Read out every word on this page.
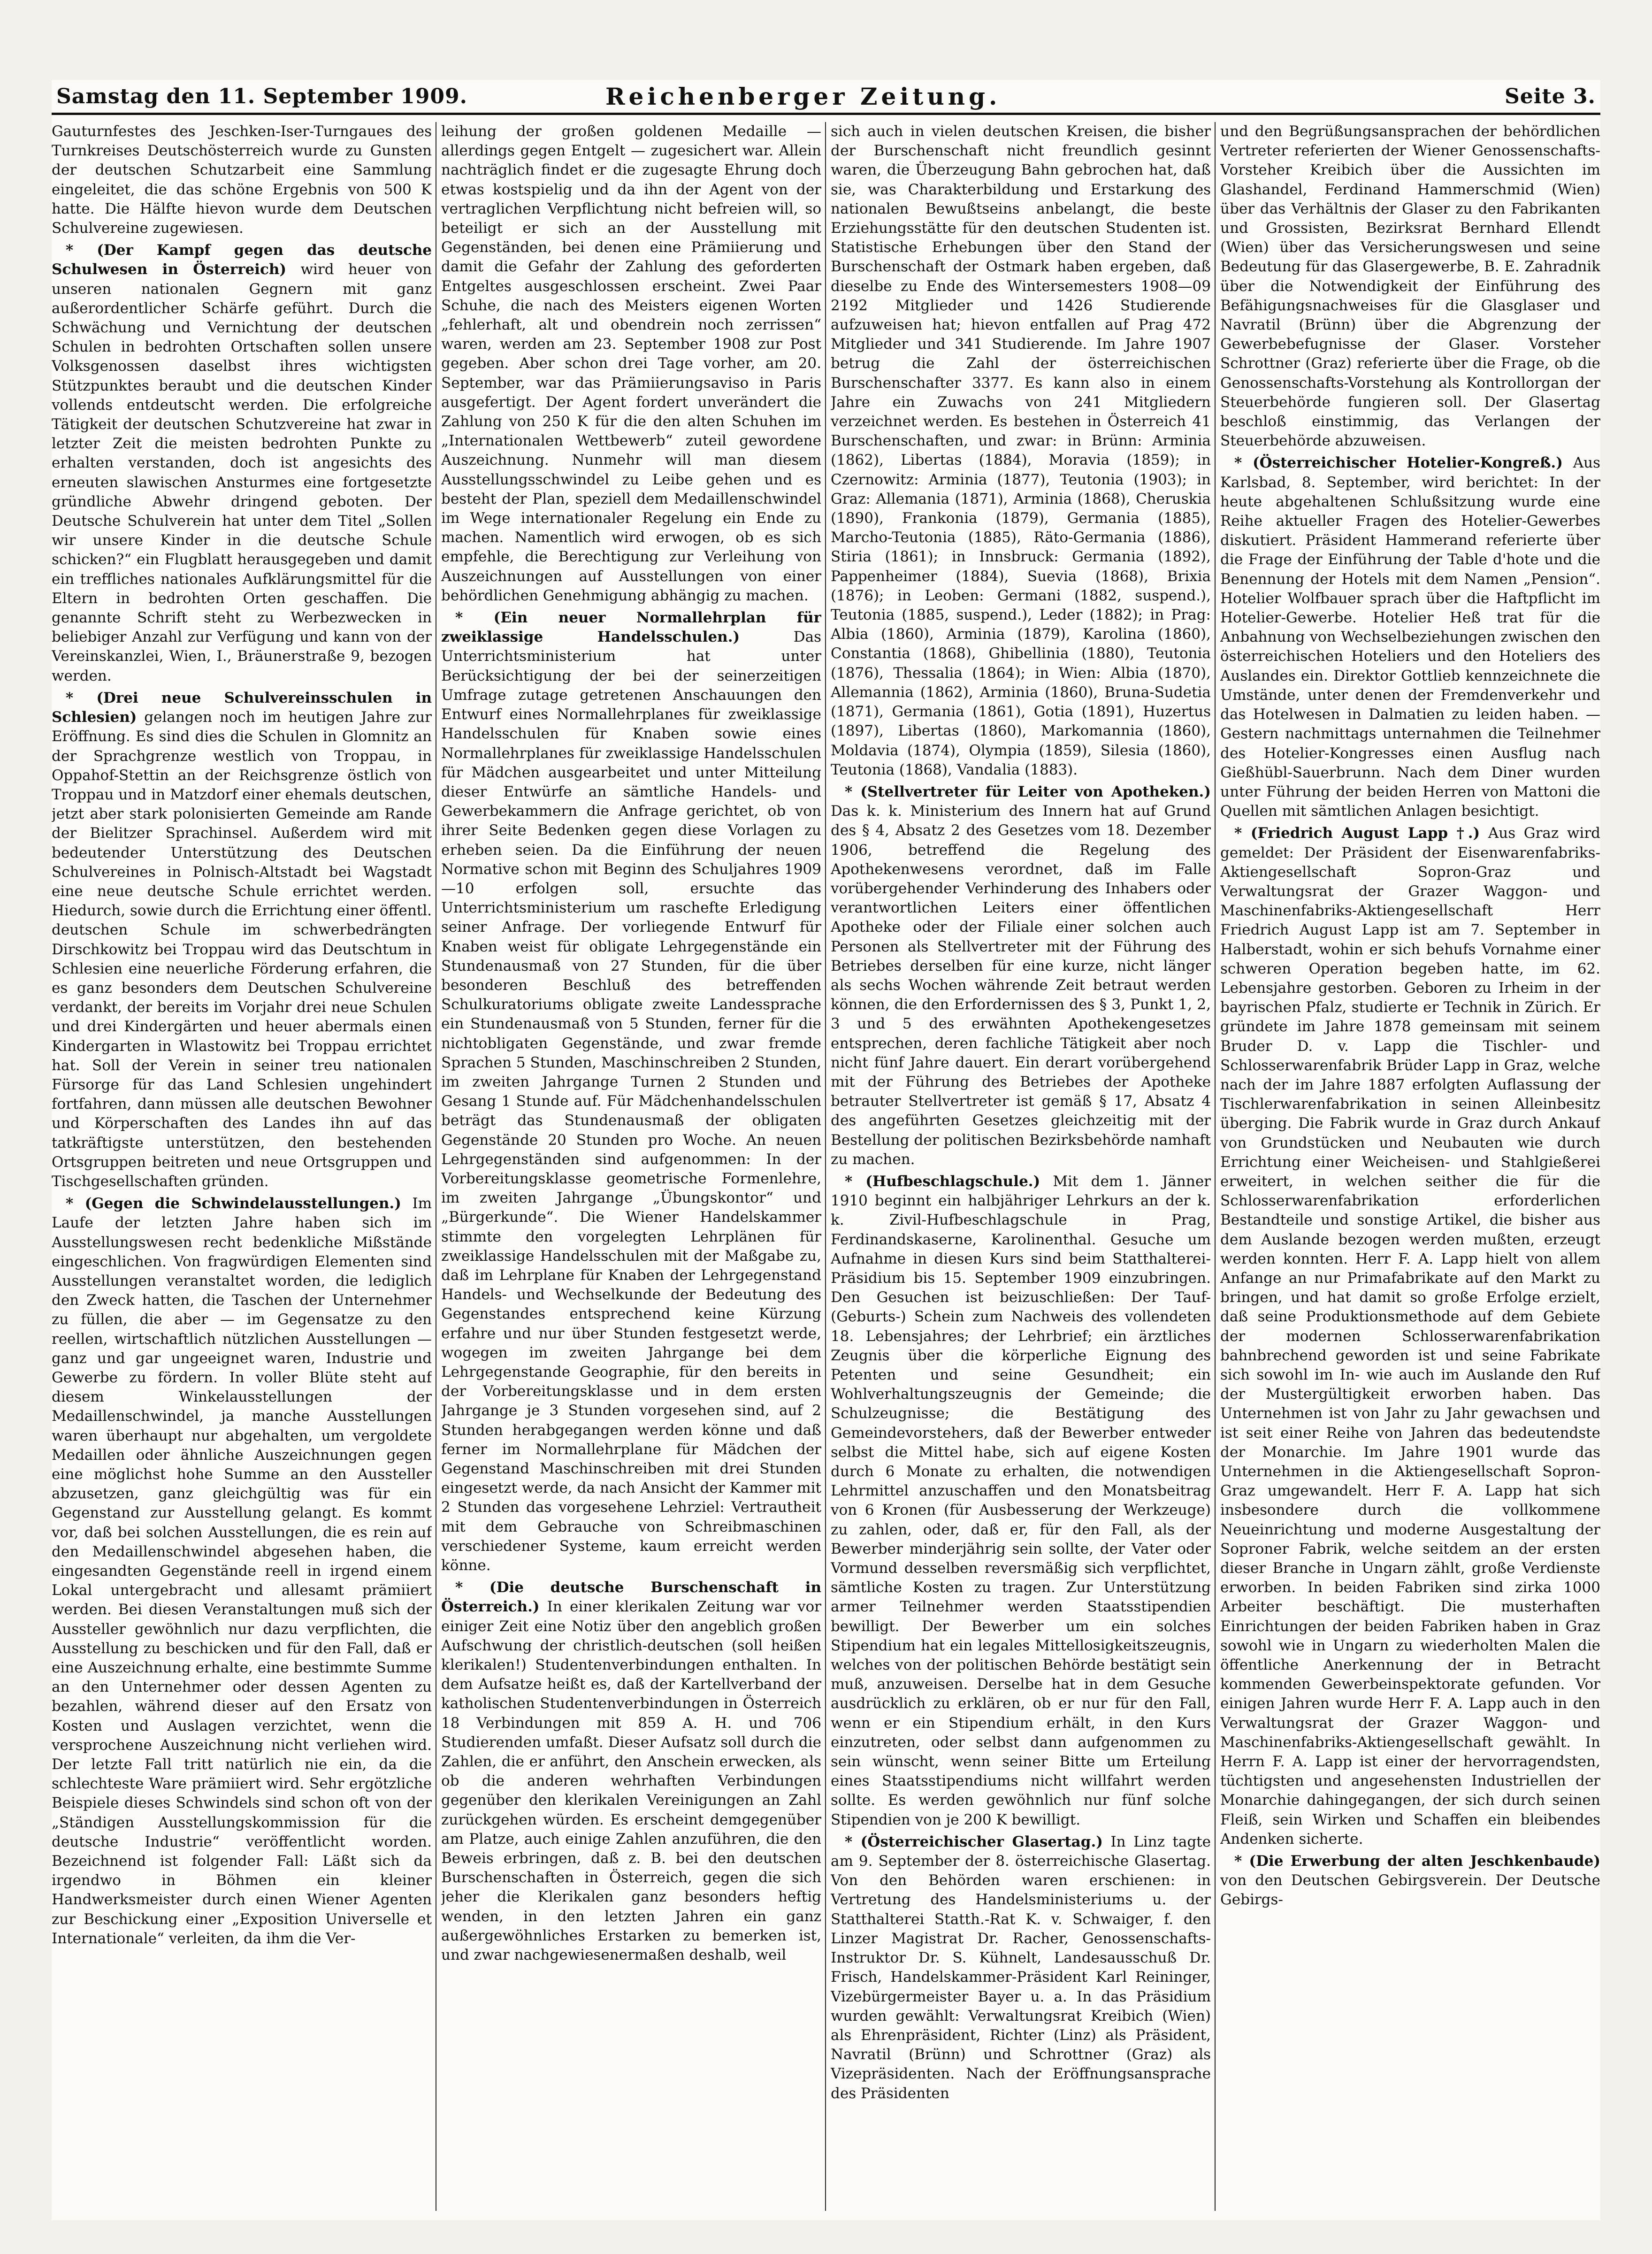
Samstag den 11. September 1909.	Reichenberger Zeitung.	Seite 3.

Gauturnfestes des Jeschken-Iser-Turngaues des Turnkreises Deutschösterreich wurde zu Gunsten der deutschen Schutzarbeit eine Sammlung eingeleitet, die das schöne Ergebnis von 500 K hatte. Die Hälfte hievon wurde dem Deutschen Schulvereine zugewiesen.

* (Der Kampf gegen das deutsche Schulwesen in Österreich) wird heuer von unseren nationalen Gegnern mit ganz außerordentlicher Schärfe geführt. Durch die Schwächung und Vernichtung der deutschen Schulen in bedrohten Ortschaften sollen unsere Volksgenossen daselbst ihres wichtigsten Stützpunktes beraubt und die deutschen Kinder vollends entdeutscht werden. Die erfolgreiche Tätigkeit der deutschen Schutzvereine hat zwar in letzter Zeit die meisten bedrohten Punkte zu erhalten verstanden, doch ist angesichts des erneuten slawischen Ansturmes eine fortgesetzte gründliche Abwehr dringend geboten. Der Deutsche Schulverein hat unter dem Titel „Sollen wir unsere Kinder in die deutsche Schule schicken?“ ein Flugblatt herausgegeben und damit ein treffliches nationales Aufklärungsmittel für die Eltern in bedrohten Orten geschaffen. Die genannte Schrift steht zu Werbezwecken in beliebiger Anzahl zur Verfügung und kann von der Vereinskanzlei, Wien, I., Bräunerstraße 9, bezogen werden.

* (Drei neue Schulvereinsschulen in Schlesien) gelangen noch im heutigen Jahre zur Eröffnung. Es sind dies die Schulen in Glomnitz an der Sprachgrenze westlich von Troppau, in Oppahof-Stettin an der Reichsgrenze östlich von Troppau und in Matzdorf einer ehemals deutschen, jetzt aber stark polonisierten Gemeinde am Rande der Bielitzer Sprachinsel. Außerdem wird mit bedeutender Unterstützung des Deutschen Schulvereines in Polnisch-Altstadt bei Wagstadt eine neue deutsche Schule errichtet werden. Hiedurch, sowie durch die Errichtung einer öffentl. deutschen Schule im schwerbedrängten Dirschkowitz bei Troppau wird das Deutschtum in Schlesien eine neuerliche Förderung erfahren, die es ganz besonders dem Deutschen Schulvereine verdankt, der bereits im Vorjahr drei neue Schulen und drei Kindergärten und heuer abermals einen Kindergarten in Wlastowitz bei Troppau errichtet hat. Soll der Verein in seiner treu nationalen Fürsorge für das Land Schlesien ungehindert fortfahren, dann müssen alle deutschen Bewohner und Körperschaften des Landes ihn auf das tatkräftigste unterstützen, den bestehenden Ortsgruppen beitreten und neue Ortsgruppen und Tischgesellschaften gründen.

* (Gegen die Schwindelausstellungen.) Im Laufe der letzten Jahre haben sich im Ausstellungswesen recht bedenkliche Mißstände eingeschlichen. Von fragwürdigen Elementen sind Ausstellungen veranstaltet worden, die lediglich den Zweck hatten, die Taschen der Unternehmer zu füllen, die aber — im Gegensatze zu den reellen, wirtschaftlich nützlichen Ausstellungen — ganz und gar ungeeignet waren, Industrie und Gewerbe zu fördern. In voller Blüte steht auf diesem Winkelausstellungen der Medaillenschwindel, ja manche Ausstellungen waren überhaupt nur abgehalten, um vergoldete Medaillen oder ähnliche Auszeichnungen gegen eine möglichst hohe Summe an den Aussteller abzusetzen, ganz gleichgültig was für ein Gegenstand zur Ausstellung gelangt. Es kommt vor, daß bei solchen Ausstellungen, die es rein auf den Medaillenschwindel abgesehen haben, die eingesandten Gegenstände reell in irgend einem Lokal untergebracht und allesamt prämiiert werden. Bei diesen Veranstaltungen muß sich der Aussteller gewöhnlich nur dazu verpflichten, die Ausstellung zu beschicken und für den Fall, daß er eine Auszeichnung erhalte, eine bestimmte Summe an den Unternehmer oder dessen Agenten zu bezahlen, während dieser auf den Ersatz von Kosten und Auslagen verzichtet, wenn die versprochene Auszeichnung nicht verliehen wird. Der letzte Fall tritt natürlich nie ein, da die schlechteste Ware prämiiert wird. Sehr ergötzliche Beispiele dieses Schwindels sind schon oft von der „Ständigen Ausstellungskommission für die deutsche Industrie“ veröffentlicht worden. Bezeichnend ist folgender Fall: Läßt sich da irgendwo in Böhmen ein kleiner Handwerksmeister durch einen Wiener Agenten zur Beschickung einer „Exposition Universelle et Internationale“ verleiten, da ihm die Ver-

leihung der großen goldenen Medaille — allerdings gegen Entgelt — zugesichert war. Allein nachträglich findet er die zugesagte Ehrung doch etwas kostspielig und da ihn der Agent von der vertraglichen Verpflichtung nicht befreien will, so beteiligt er sich an der Ausstellung mit Gegenständen, bei denen eine Prämiierung und damit die Gefahr der Zahlung des geforderten Entgeltes ausgeschlossen erscheint. Zwei Paar Schuhe, die nach des Meisters eigenen Worten „fehlerhaft, alt und obendrein noch zerrissen“ waren, werden am 23. September 1908 zur Post gegeben. Aber schon drei Tage vorher, am 20. September, war das Prämiierungsaviso in Paris ausgefertigt. Der Agent fordert unverändert die Zahlung von 250 K für die den alten Schuhen im „Internationalen Wettbewerb“ zuteil gewordene Auszeichnung. Nunmehr will man diesem Ausstellungsschwindel zu Leibe gehen und es besteht der Plan, speziell dem Medaillenschwindel im Wege internationaler Regelung ein Ende zu machen. Namentlich wird erwogen, ob es sich empfehle, die Berechtigung zur Verleihung von Auszeichnungen auf Ausstellungen von einer behördlichen Genehmigung abhängig zu machen.

* (Ein neuer Normallehrplan für zweiklassige Handelsschulen.)	Das Unterrichtsministerium hat unter Berücksichtigung der bei der seinerzeitigen Umfrage zutage getretenen Anschauungen den Entwurf eines Normallehrplanes für zweiklassige Handelsschulen für Knaben sowie eines Normallehrplanes für zweiklassige Handelsschulen für Mädchen ausgearbeitet und unter Mitteilung dieser Entwürfe an sämtliche Handels- und Gewerbekammern die Anfrage gerichtet, ob von ihrer Seite Bedenken gegen diese Vorlagen zu erheben seien. Da die Einführung der neuen Normative schon mit Beginn des Schuljahres 1909—10 erfolgen soll, ersuchte das Unterrichtsministerium um raschefte Erledigung seiner Anfrage. Der vorliegende Entwurf für Knaben weist für obligate Lehrgegenstände ein Stundenausmaß von 27 Stunden, für die über besonderen Beschluß des betreffenden Schulkuratoriums obligate zweite Landessprache ein Stundenausmaß von 5 Stunden, ferner für die nichtobligaten Gegenstände, und zwar fremde Sprachen 5 Stunden, Maschinschreiben 2 Stunden, im zweiten Jahrgange Turnen 2 Stunden und Gesang 1 Stunde auf. Für Mädchenhandelsschulen beträgt das Stundenausmaß der obligaten Gegenstände 20 Stunden pro Woche. An neuen Lehrgegenständen sind aufgenommen: In der Vorbereitungsklasse geometrische Formenlehre, im zweiten Jahrgange „Übungskontor“ und „Bürgerkunde“. Die Wiener Handelskammer stimmte den vorgelegten Lehrplänen für zweiklassige Handelsschulen mit der Maßgabe zu, daß im Lehrplane für Knaben der Lehrgegenstand Handels- und Wechselkunde der Bedeutung des Gegenstandes entsprechend keine Kürzung erfahre und nur über Stunden festgesetzt werde, wogegen im zweiten Jahrgange bei dem Lehrgegenstande Geographie, für den bereits in der Vorbereitungsklasse und in dem ersten Jahrgange je 3 Stunden vorgesehen sind, auf 2 Stunden herabgegangen werden könne und daß ferner im Normallehrplane für Mädchen der Gegenstand Maschinschreiben mit drei Stunden eingesetzt werde, da nach Ansicht der Kammer mit 2 Stunden das vorgesehene Lehrziel: Vertrautheit mit dem Gebrauche von Schreibmaschinen verschiedener Systeme, kaum erreicht werden könne.

* (Die deutsche Burschenschaft in Österreich.) In einer klerikalen Zeitung war vor einiger Zeit eine Notiz über den angeblich großen Aufschwung der christlich-deutschen (soll heißen klerikalen!) Studentenverbindungen enthalten. In dem Aufsatze heißt es, daß der Kartellverband der katholischen Studentenverbindungen in Österreich 18 Verbindungen mit 859 A. H. und 706 Studierenden umfaßt. Dieser Aufsatz soll durch die Zahlen, die er anführt, den Anschein erwecken, als ob die anderen wehrhaften Verbindungen gegenüber den klerikalen Vereinigungen an Zahl zurückgehen würden. Es erscheint demgegenüber am Platze, auch einige Zahlen anzuführen, die den Beweis erbringen, daß z. B. bei den deutschen Burschenschaften in Österreich, gegen die sich jeher die Klerikalen ganz besonders heftig wenden, in den letzten Jahren ein ganz außergewöhnliches Erstarken zu bemerken ist, und zwar nachgewiesenermaßen deshalb, weil

sich auch in vielen deutschen Kreisen, die bisher der Burschenschaft nicht freundlich gesinnt waren, die Überzeugung Bahn gebrochen hat, daß sie, was Charakterbildung und Erstarkung des nationalen Bewußtseins anbelangt, die beste Erziehungsstätte für den deutschen Studenten ist. Statistische Erhebungen über den Stand der Burschenschaft der Ostmark haben ergeben, daß dieselbe zu Ende des Wintersemesters 1908—09 2192 Mitglieder und 1426 Studierende aufzuweisen hat; hievon entfallen auf Prag 472 Mitglieder und 341 Studierende. Im Jahre 1907 betrug die Zahl der österreichischen Burschenschafter 3377. Es kann also in einem Jahre ein Zuwachs von 241 Mitgliedern verzeichnet werden. Es bestehen in Österreich 41 Burschenschaften, und zwar: in Brünn: Arminia (1862), Libertas (1884), Moravia (1859); in Czernowitz: Arminia (1877), Teutonia (1903); in Graz: Allemania (1871), Arminia (1868), Cheruskia (1890), Frankonia (1879), Germania (1885), Marcho-Teutonia (1885), Räto-Germania (1886), Stiria (1861); in Innsbruck: Germania (1892), Pappenheimer (1884), Suevia (1868), Brixia (1876); in Leoben: Germani (1882, suspend.), Teutonia (1885, suspend.), Leder (1882); in Prag: Albia (1860), Arminia (1879), Karolina (1860), Constantia (1868), Ghibellinia (1880), Teutonia (1876), Thessalia (1864); in Wien: Albia (1870), Allemannia (1862), Arminia (1860), Bruna-Sudetia (1871), Germania (1861), Gotia (1891), Huzertus (1897), Libertas (1860), Markomannia (1860), Moldavia (1874), Olympia (1859), Silesia (1860), Teutonia (1868), Vandalia (1883).

* (Stellvertreter für Leiter von Apotheken.) Das k. k. Ministerium des Innern hat auf Grund des § 4, Absatz 2 des Gesetzes vom 18. Dezember 1906, betreffend die Regelung des Apothekenwesens verordnet, daß im Falle vorübergehender Verhinderung des Inhabers oder verantwortlichen Leiters einer öffentlichen Apotheke oder der Filiale einer solchen auch Personen als Stellvertreter mit der Führung des Betriebes derselben für eine kurze, nicht länger als sechs Wochen währende Zeit betraut werden können, die den Erfordernissen des § 3, Punkt 1, 2, 3 und 5 des erwähnten Apothekengesetzes entsprechen, deren fachliche Tätigkeit aber noch nicht fünf Jahre dauert. Ein derart vorübergehend mit der Führung des Betriebes der Apotheke betrauter Stellvertreter ist gemäß § 17, Absatz 4 des angeführten Gesetzes gleichzeitig mit der Bestellung der politischen Bezirksbehörde namhaft zu machen.

* (Hufbeschlagschule.) Mit dem 1. Jänner 1910 beginnt ein halbjähriger Lehrkurs an der k. k. Zivil-Hufbeschlagschule in Prag, Ferdinandskaserne, Karolinenthal. Gesuche um Aufnahme in diesen Kurs sind beim Statthalterei-Präsidium bis 15. September 1909 einzubringen. Den Gesuchen ist beizuschließen: Der Tauf- (Geburts-) Schein zum Nachweis des vollendeten 18. Lebensjahres; der Lehrbrief; ein ärztliches Zeugnis über die körperliche Eignung des Petenten und seine Gesundheit; ein Wohlverhaltungszeugnis der Gemeinde; die Schulzeugnisse; die Bestätigung des Gemeindevorstehers, daß der Bewerber entweder selbst die Mittel habe, sich auf eigene Kosten durch 6 Monate zu erhalten, die notwendigen Lehrmittel anzuschaffen und den Monatsbeitrag von 6 Kronen (für Ausbesserung der Werkzeuge) zu zahlen, oder, daß er, für den Fall, als der Bewerber minderjährig sein sollte, der Vater oder Vormund desselben reversmäßig sich verpflichtet, sämtliche Kosten zu tragen. Zur Unterstützung armer Teilnehmer werden Staatsstipendien bewilligt. Der Bewerber um ein solches Stipendium hat ein legales Mittellosigkeitszeugnis, welches von der politischen Behörde bestätigt sein muß, anzuweisen. Derselbe hat in dem Gesuche ausdrücklich zu erklären, ob er nur für den Fall, wenn er ein Stipendium erhält, in den Kurs einzutreten, oder selbst dann aufgenommen zu sein wünscht, wenn seiner Bitte um Erteilung eines Staatsstipendiums nicht willfahrt werden sollte. Es werden gewöhnlich nur fünf solche Stipendien von je 200 K bewilligt.

* (Österreichischer Glasertag.) In Linz tagte am 9. September der 8. österreichische Glasertag. Von den Behörden waren erschienen: in Vertretung des Handelsministeriums u. der Statthalterei Statth.-Rat K. v. Schwaiger, f. den Linzer Magistrat Dr. Racher, Genossenschafts-Instruktor Dr. S. Kühnelt, Landesausschuß Dr. Frisch, Handelskammer-Präsident Karl Reininger, Vizebürgermeister Bayer u. a. In das Präsidium wurden gewählt: Verwaltungsrat Kreibich (Wien) als Ehrenpräsident, Richter (Linz) als Präsident, Navratil (Brünn) und Schrottner (Graz) als Vizepräsidenten. Nach der Eröffnungsansprache des Präsidenten

und den Begrüßungsansprachen der behördlichen Vertreter referierten der Wiener Genossenschafts-Vorsteher Kreibich über die Aussichten im Glashandel, Ferdinand Hammerschmid (Wien) über das Verhältnis der Glaser zu den Fabrikanten und Grossisten, Bezirksrat Bernhard Ellendt (Wien) über das Versicherungswesen und seine Bedeutung für das Glasergewerbe, B. E. Zahradnik über die Notwendigkeit der Einführung des Befähigungsnachweises für die Glasglaser und Navratil (Brünn) über die Abgrenzung der Gewerbebefugnisse der Glaser. Vorsteher Schrottner (Graz) referierte über die Frage, ob die Genossenschafts-Vorstehung als Kontrollorgan der Steuerbehörde fungieren soll. Der Glasertag beschloß einstimmig, das Verlangen der Steuerbehörde abzuweisen.

* (Österreichischer Hotelier-Kongreß.) Aus Karlsbad, 8. September, wird berichtet: In der heute abgehaltenen Schlußsitzung wurde eine Reihe aktueller Fragen des Hotelier-Gewerbes diskutiert. Präsident Hammerand referierte über die Frage der Einführung der Table d'hote und die Benennung der Hotels mit dem Namen „Pension“. Hotelier Wolfbauer sprach über die Haftpflicht im Hotelier-Gewerbe. Hotelier Heß trat für die Anbahnung von Wechselbeziehungen zwischen den österreichischen Hoteliers und den Hoteliers des Auslandes ein. Direktor Gottlieb kennzeichnete die Umstände, unter denen der Fremdenverkehr und das Hotelwesen in Dalmatien zu leiden haben. — Gestern nachmittags unternahmen die Teilnehmer des Hotelier-Kongresses einen Ausflug nach Gießhübl-Sauerbrunn. Nach dem Diner wurden unter Führung der beiden Herren von Mattoni die Quellen mit sämtlichen Anlagen besichtigt.

* (Friedrich August Lapp †.) Aus Graz wird gemeldet: Der Präsident der Eisenwarenfabriks-Aktiengesellschaft Sopron-Graz und Verwaltungsrat der Grazer Waggon- und Maschinenfabriks-Aktiengesellschaft Herr Friedrich August Lapp ist am 7. September in Halberstadt, wohin er sich behufs Vornahme einer schweren Operation begeben hatte, im 62. Lebensjahre gestorben. Geboren zu Irheim in der bayrischen Pfalz, studierte er Technik in Zürich. Er gründete im Jahre 1878 gemeinsam mit seinem Bruder D. v. Lapp die Tischler- und Schlosserwarenfabrik Brüder Lapp in Graz, welche nach der im Jahre 1887 erfolgten Auflassung der Tischlerwarenfabrikation in seinen Alleinbesitz überging. Die Fabrik wurde in Graz durch Ankauf von Grundstücken und Neubauten wie durch Errichtung einer Weicheisen- und Stahlgießerei erweitert, in welchen seither die für die Schlosserwarenfabrikation erforderlichen Bestandteile und sonstige Artikel, die bisher aus dem Auslande bezogen werden mußten, erzeugt werden konnten. Herr F. A. Lapp hielt von allem Anfange an nur Primafabrikate auf den Markt zu bringen, und hat damit so große Erfolge erzielt, daß seine Produktionsmethode auf dem Gebiete der modernen Schlosserwarenfabrikation bahnbrechend geworden ist und seine Fabrikate sich sowohl im In- wie auch im Auslande den Ruf der Mustergültigkeit erworben haben. Das Unternehmen ist von Jahr zu Jahr gewachsen und ist seit einer Reihe von Jahren das bedeutendste der Monarchie. Im Jahre 1901 wurde das Unternehmen in die Aktiengesellschaft Sopron-Graz umgewandelt. Herr F. A. Lapp hat sich insbesondere durch die vollkommene Neueinrichtung und moderne Ausgestaltung der Soproner Fabrik, welche seitdem an der ersten dieser Branche in Ungarn zählt, große Verdienste erworben. In beiden Fabriken sind zirka 1000 Arbeiter beschäftigt. Die musterhaften Einrichtungen der beiden Fabriken haben in Graz sowohl wie in Ungarn zu wiederholten Malen die öffentliche Anerkennung der in Betracht kommenden Gewerbeinspektorate gefunden. Vor einigen Jahren wurde Herr F. A. Lapp auch in den Verwaltungsrat der Grazer Waggon- und Maschinenfabriks-Aktiengesellschaft gewählt. In Herrn F. A. Lapp ist einer der hervorragendsten, tüchtigsten und angesehensten Industriellen der Monarchie dahingegangen, der sich durch seinen Fleiß, sein Wirken und Schaffen ein bleibendes Andenken sicherte.

* (Die Erwerbung der alten Jeschkenbaude) von den Deutschen Gebirgsverein. Der Deutsche Gebirgs-
